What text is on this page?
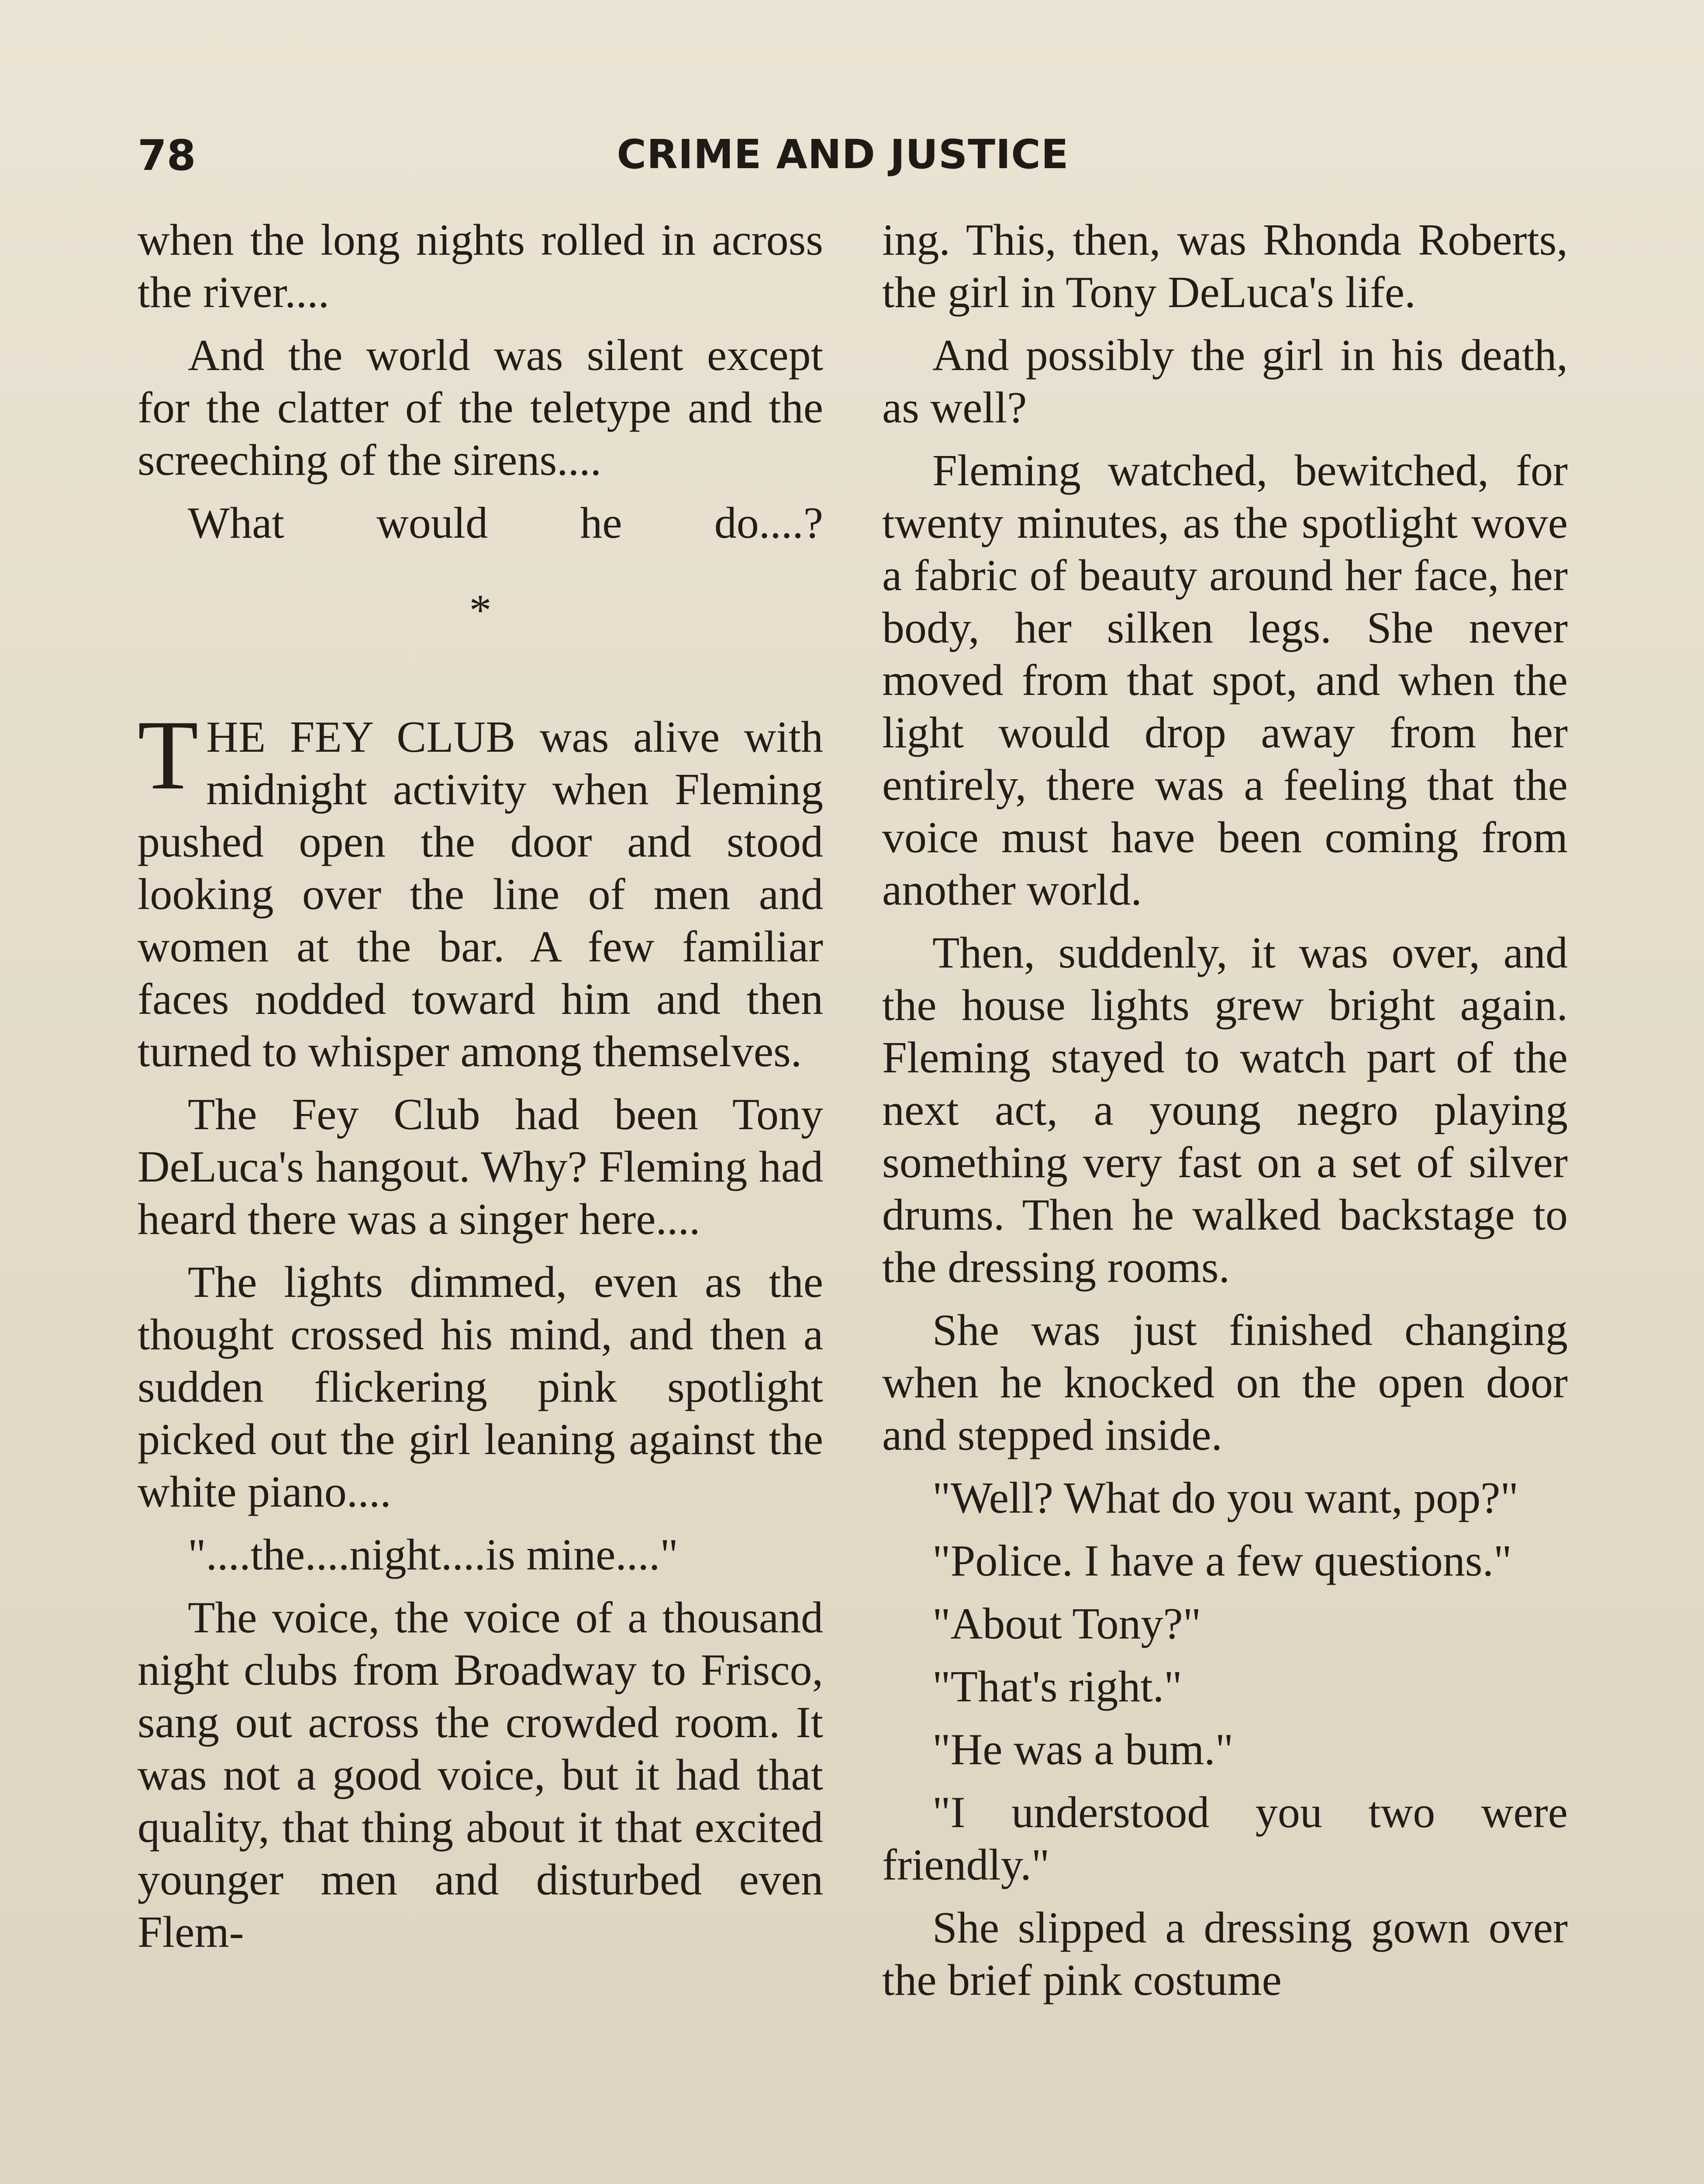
78	CRIME AND JUSTICE

when the long nights rolled in across the river....

And the world was silent except for the clatter of the teletype and the screeching of the sirens....

What would he do....?

*

THE FEY CLUB was alive with midnight activity when Fleming pushed open the door and stood looking over the line of men and women at the bar. A few familiar faces nodded toward him and then turned to whisper among themselves.

The Fey Club had been Tony DeLuca's hangout. Why? Fleming had heard there was a singer here....

The lights dimmed, even as the thought crossed his mind, and then a sudden flickering pink spotlight picked out the girl leaning against the white piano....

"....the....night....is mine...."

The voice, the voice of a thousand night clubs from Broadway to Frisco, sang out across the crowded room. It was not a good voice, but it had that quality, that thing about it that excited younger men and disturbed even Flem-

ing. This, then, was Rhonda Roberts, the girl in Tony DeLuca's life.

And possibly the girl in his death, as well?

Fleming watched, bewitched, for twenty minutes, as the spotlight wove a fabric of beauty around her face, her body, her silken legs. She never moved from that spot, and when the light would drop away from her entirely, there was a feeling that the voice must have been coming from another world.

Then, suddenly, it was over, and the house lights grew bright again. Fleming stayed to watch part of the next act, a young negro playing something very fast on a set of silver drums. Then he walked backstage to the dressing rooms.

She was just finished changing when he knocked on the open door and stepped inside.

"Well? What do you want, pop?"

"Police. I have a few questions."

"About Tony?"

"That's right."

"He was a bum."

"I understood you two were friendly."

She slipped a dressing gown over the brief pink costume
